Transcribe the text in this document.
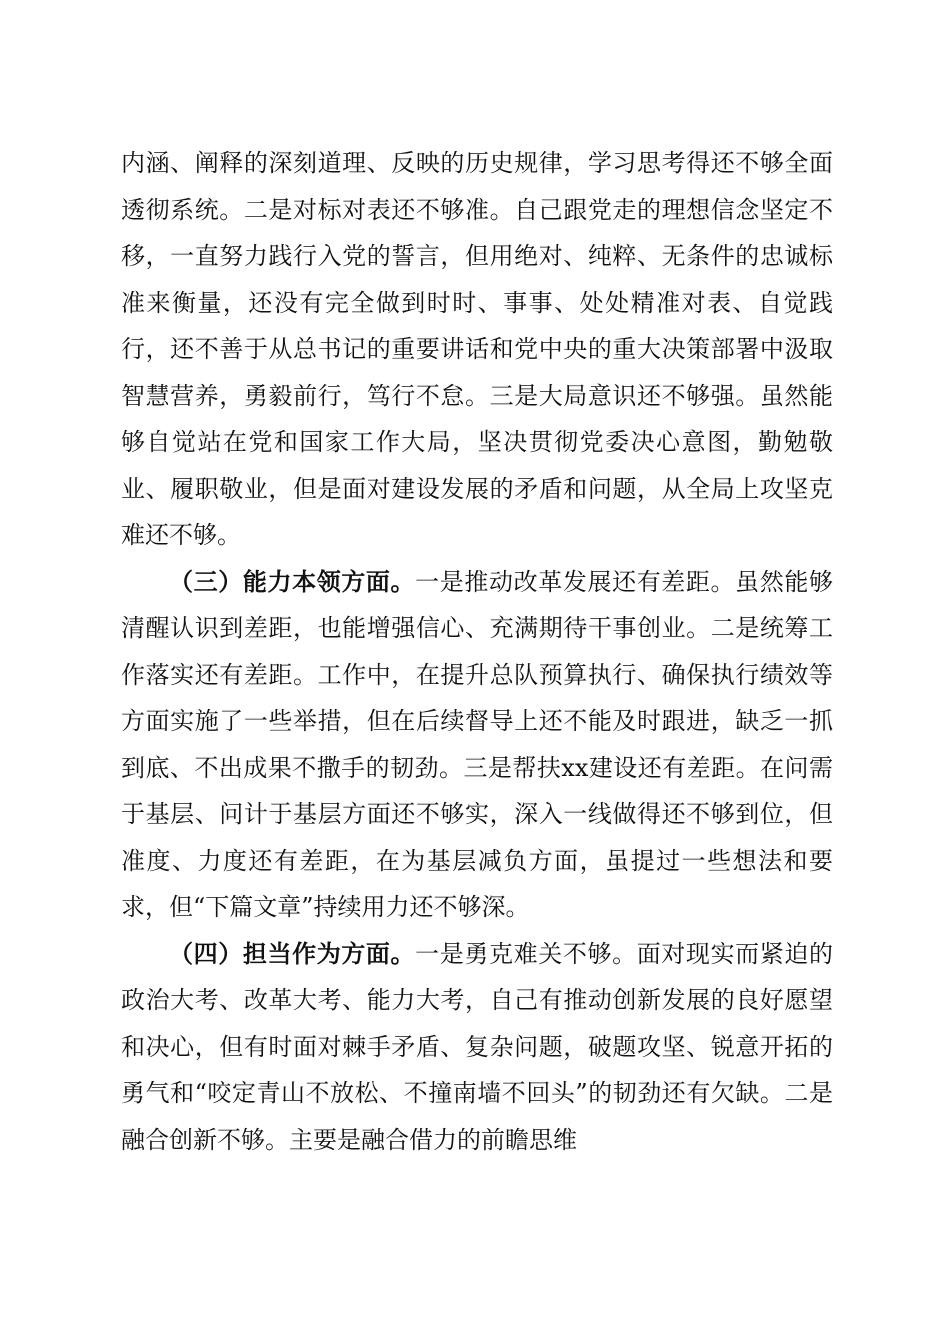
内涵、阐释的深刻道理、反映的历史规律，学习思考得还不够全面透彻系统。二是对标对表还不够准。自己跟党走的理想信念坚定不移，一直努力践行入党的誓言，但用绝对、纯粹、无条件的忠诚标准来衡量，还没有完全做到时时、事事、处处精准对表、自觉践行，还不善于从总书记的重要讲话和党中央的重大决策部署中汲取智慧营养，勇毅前行，笃行不怠。三是大局意识还不够强。虽然能够自觉站在党和国家工作大局，坚决贯彻党委决心意图，勤勉敬业、履职敬业，但是面对建设发展的矛盾和问题，从全局上攻坚克难还不够。

（三）能力本领方面。一是推动改革发展还有差距。虽然能够清醒认识到差距，也能增强信心、充满期待干事创业。二是统筹工作落实还有差距。工作中，在提升总队预算执行、确保执行绩效等方面实施了一些举措，但在后续督导上还不能及时跟进，缺乏一抓到底、不出成果不撒手的韧劲。三是帮扶xx建设还有差距。在问需于基层、问计于基层方面还不够实，深入一线做得还不够到位，但准度、力度还有差距，在为基层减负方面，虽提过一些想法和要求，但“下篇文章”持续用力还不够深。

（四）担当作为方面。一是勇克难关不够。面对现实而紧迫的政治大考、改革大考、能力大考，自己有推动创新发展的良好愿望和决心，但有时面对棘手矛盾、复杂问题，破题攻坚、锐意开拓的勇气和“咬定青山不放松、不撞南墙不回头”的韧劲还有欠缺。二是融合创新不够。主要是融合借力的前瞻思维
